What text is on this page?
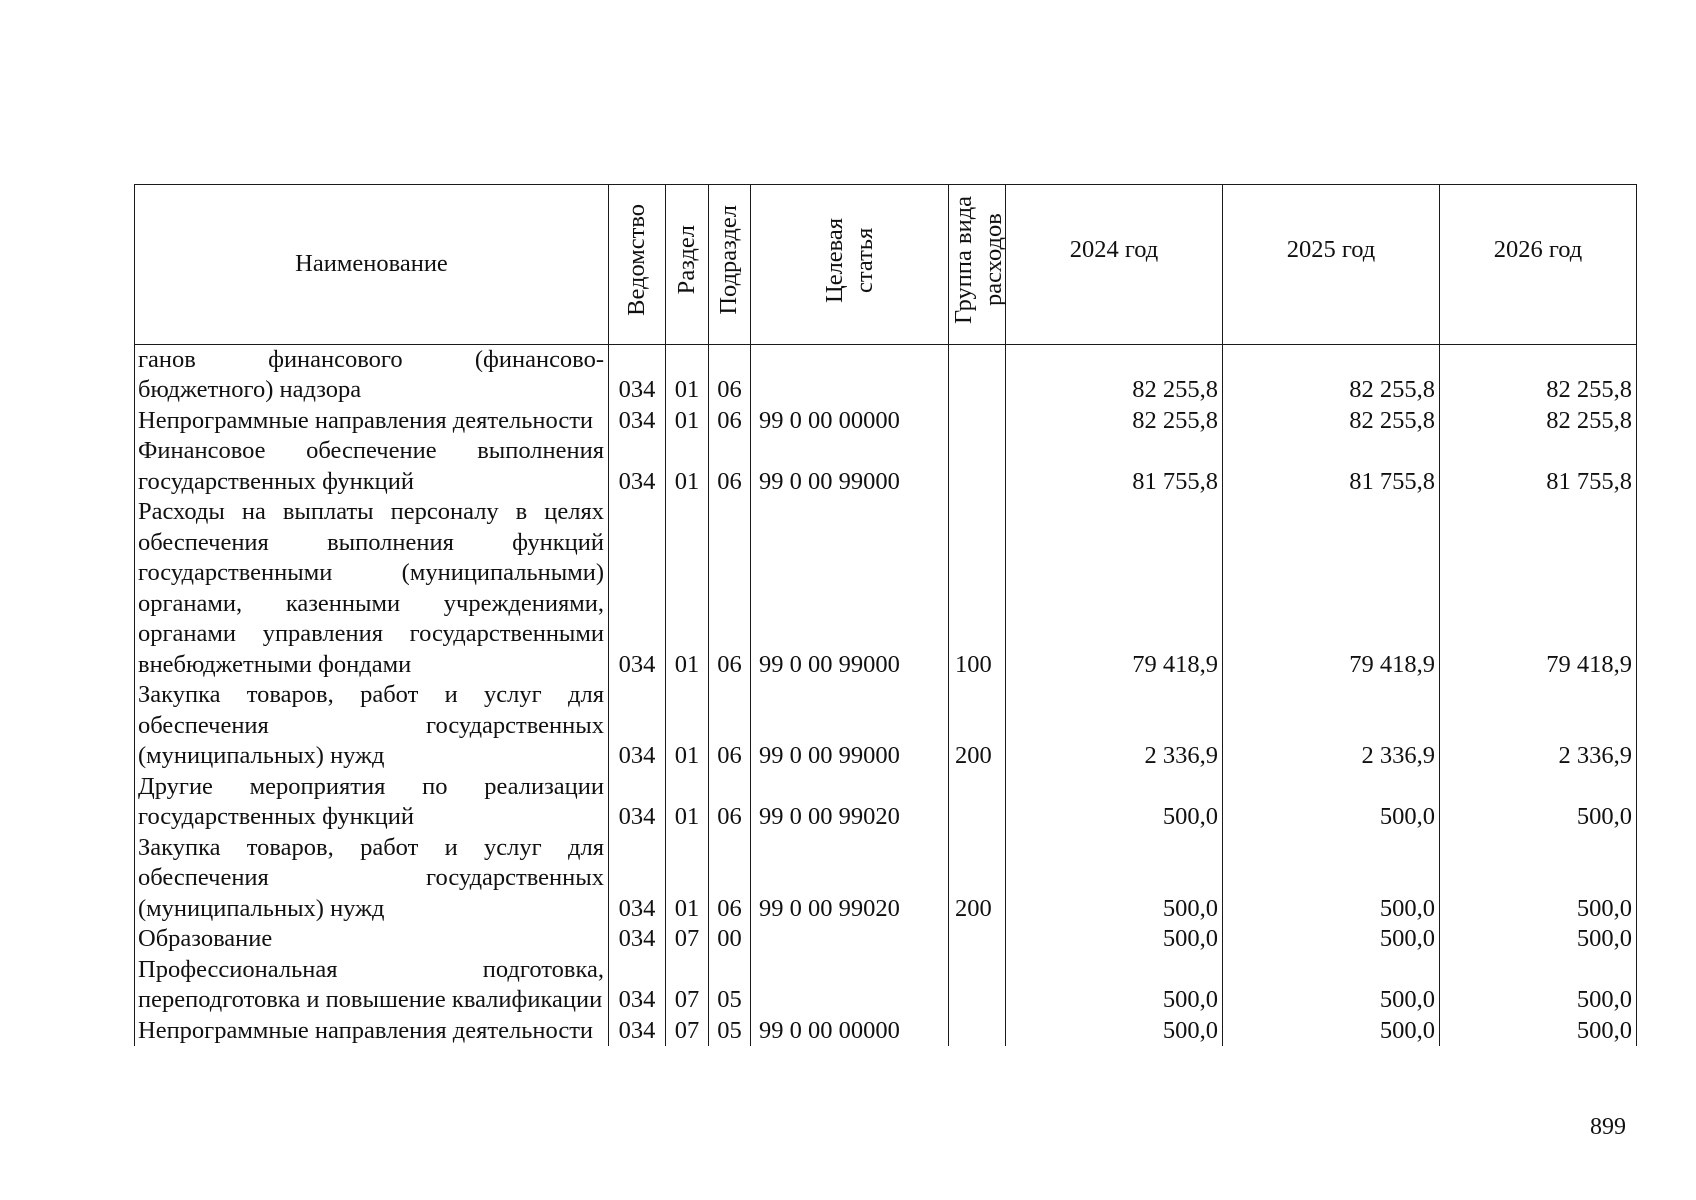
Наименование	Ведомство	Раздел	Подраздел	Целевая статья	Группа вида расходов	2024 год	2025 год	2026 год

ганов финансового (финансово-бюджетного) надзора	034	01	06			82 255,8	82 255,8	82 255,8
Непрограммные направления деятельности	034	01	06	99 0 00 00000		82 255,8	82 255,8	82 255,8
Финансовое обеспечение выполнения государственных функций	034	01	06	99 0 00 99000		81 755,8	81 755,8	81 755,8
Расходы на выплаты персоналу в целях обеспечения выполнения функций государственными (муниципальными) органами, казенными учреждениями, органами управления государственными внебюджетными фондами	034	01	06	99 0 00 99000	100	79 418,9	79 418,9	79 418,9
Закупка товаров, работ и услуг для обеспечения государственных (муниципальных) нужд	034	01	06	99 0 00 99000	200	2 336,9	2 336,9	2 336,9
Другие мероприятия по реализации государственных функций	034	01	06	99 0 00 99020		500,0	500,0	500,0
Закупка товаров, работ и услуг для обеспечения государственных (муниципальных) нужд	034	01	06	99 0 00 99020	200	500,0	500,0	500,0
Образование	034	07	00			500,0	500,0	500,0
Профессиональная подготовка, переподготовка и повышение квалификации	034	07	05			500,0	500,0	500,0
Непрограммные направления деятельности	034	07	05	99 0 00 00000		500,0	500,0	500,0
899
